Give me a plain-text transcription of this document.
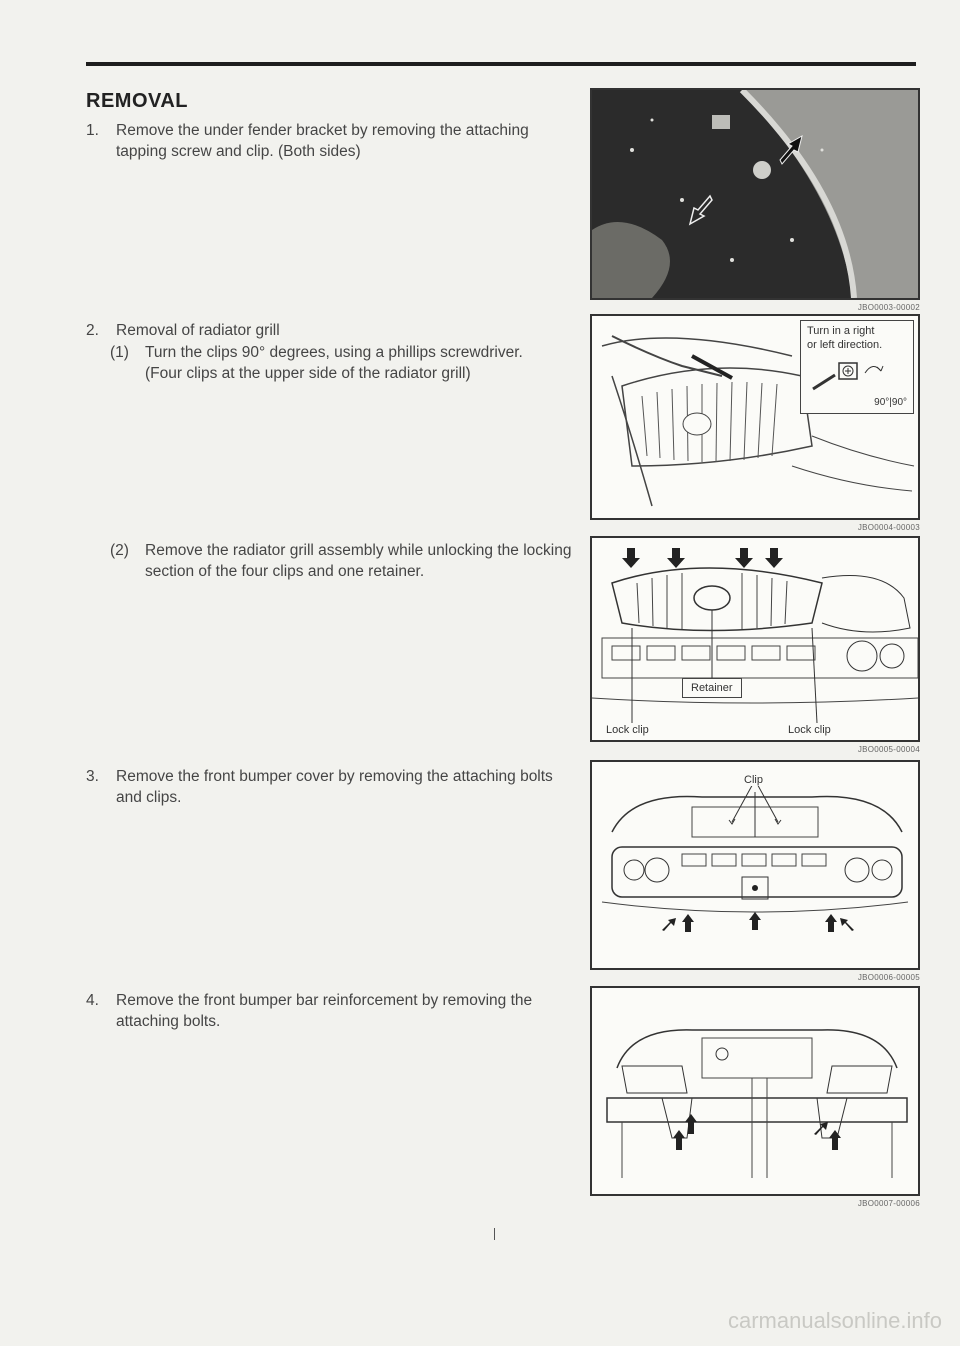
REMOVAL
1. Remove the under fender bracket by removing the attaching tapping screw and clip. (Both sides)
2. Removal of radiator grill
(1) Turn the clips 90° degrees, using a phillips screwdriver.
(Four clips at the upper side of the radiator grill)
(2) Remove the radiator grill assembly while unlocking the locking section of the four clips and one retainer.
3. Remove the front bumper cover by removing the attaching bolts and clips.
4. Remove the front bumper bar reinforcement by removing the attaching bolts.
JBO0003-00002
Turn in a right
or left direction.
90°|90°
JBO0004-00003
Retainer
Lock clip	Lock clip
JBO0005-00004
Clip
JBO0006-00005
JBO0007-00006
carmanualsonline.info
